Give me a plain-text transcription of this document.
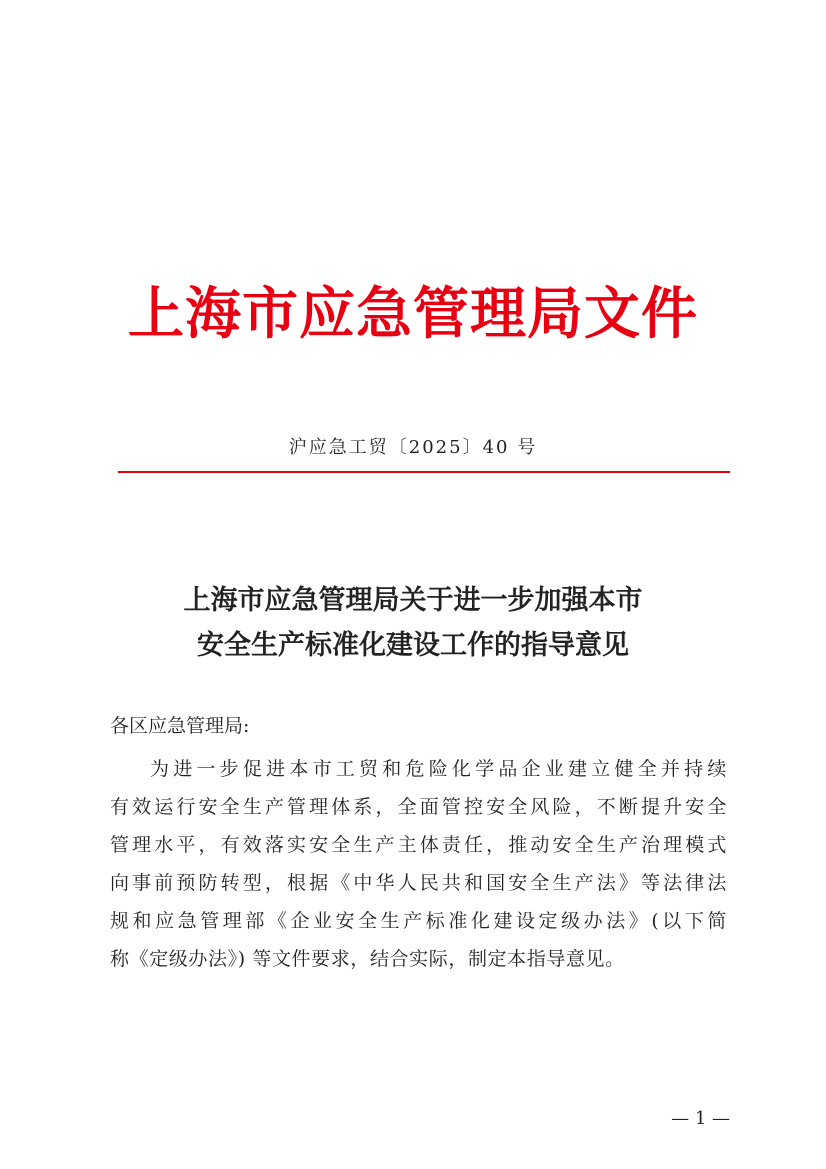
上海市应急管理局文件
沪应急工贸〔2025〕40 号
上海市应急管理局关于进一步加强本市
安全生产标准化建设工作的指导意见
各区应急管理局:
为进一步促进本市工贸和危险化学品企业建立健全并持续
有效运行安全生产管理体系，全面管控安全风险，不断提升安全
管理水平，有效落实安全生产主体责任，推动安全生产治理模式
向事前预防转型，根据《中华人民共和国安全生产法》等法律法
规和应急管理部《企业安全生产标准化建设定级办法》(以下简
称《定级办法》) 等文件要求，结合实际，制定本指导意见。
— 1 —
